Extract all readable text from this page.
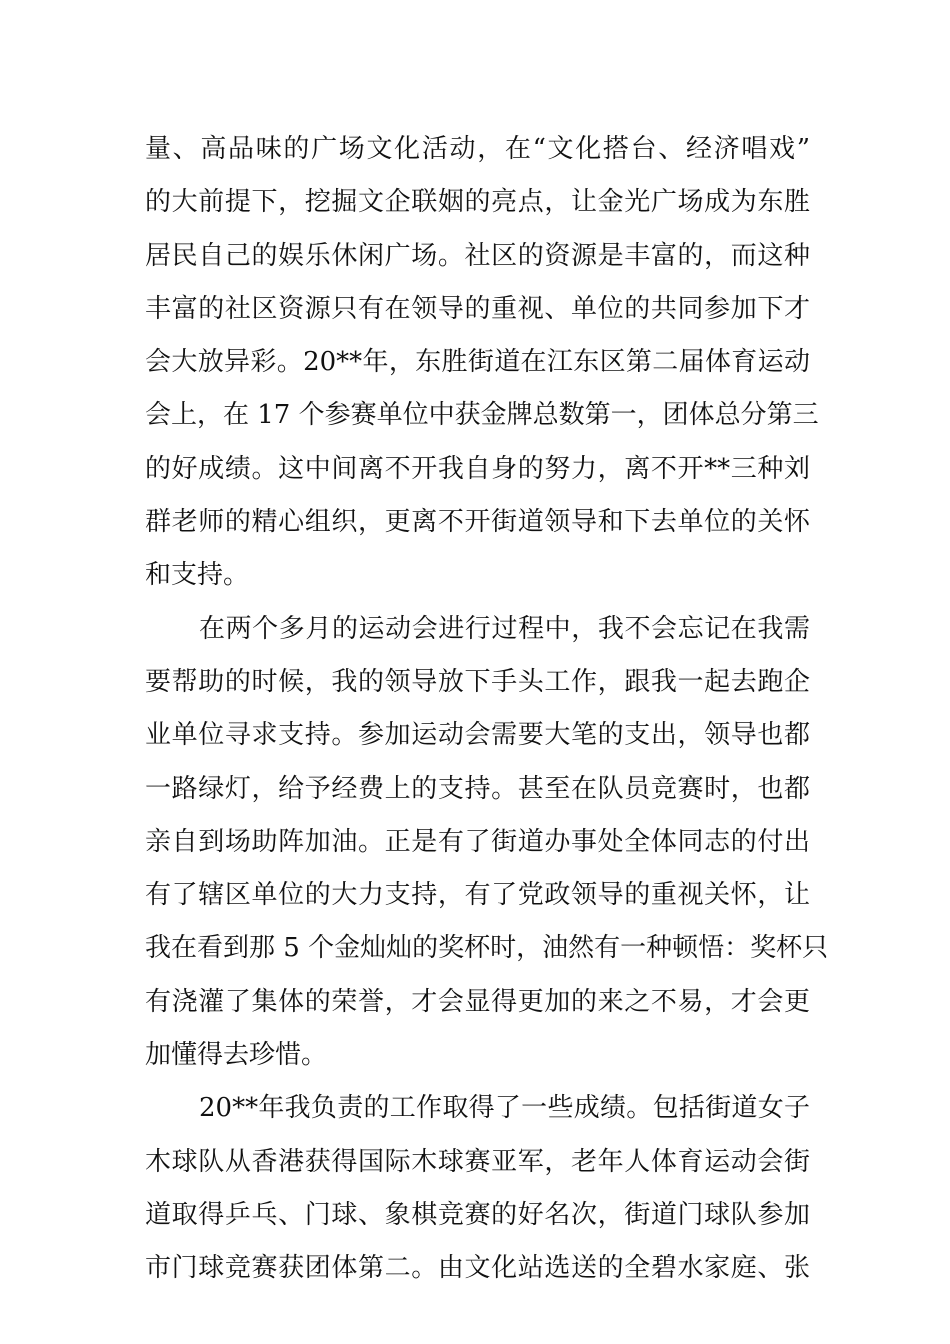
量、高品味的广场文化活动，在“文化搭台、经济唱戏”
的大前提下，挖掘文企联姻的亮点，让金光广场成为东胜
居民自己的娱乐休闲广场。社区的资源是丰富的，而这种
丰富的社区资源只有在领导的重视、单位的共同参加下才
会大放异彩。20**年，东胜街道在江东区第二届体育运动
会上，在 17 个参赛单位中获金牌总数第一，团体总分第三
的好成绩。这中间离不开我自身的努力，离不开**三种刘
群老师的精心组织，更离不开街道领导和下去单位的关怀
和支持。
在两个多月的运动会进行过程中，我不会忘记在我需
要帮助的时候，我的领导放下手头工作，跟我一起去跑企
业单位寻求支持。参加运动会需要大笔的支出，领导也都
一路绿灯，给予经费上的支持。甚至在队员竞赛时，也都
亲自到场助阵加油。正是有了街道办事处全体同志的付出
有了辖区单位的大力支持，有了党政领导的重视关怀，让
我在看到那 5 个金灿灿的奖杯时，油然有一种顿悟：奖杯只
有浇灌了集体的荣誉，才会显得更加的来之不易，才会更
加懂得去珍惜。
20**年我负责的工作取得了一些成绩。包括街道女子
木球队从香港获得国际木球赛亚军，老年人体育运动会街
道取得乒乓、门球、象棋竞赛的好名次，街道门球队参加
市门球竞赛获团体第二。由文化站选送的全碧水家庭、张
